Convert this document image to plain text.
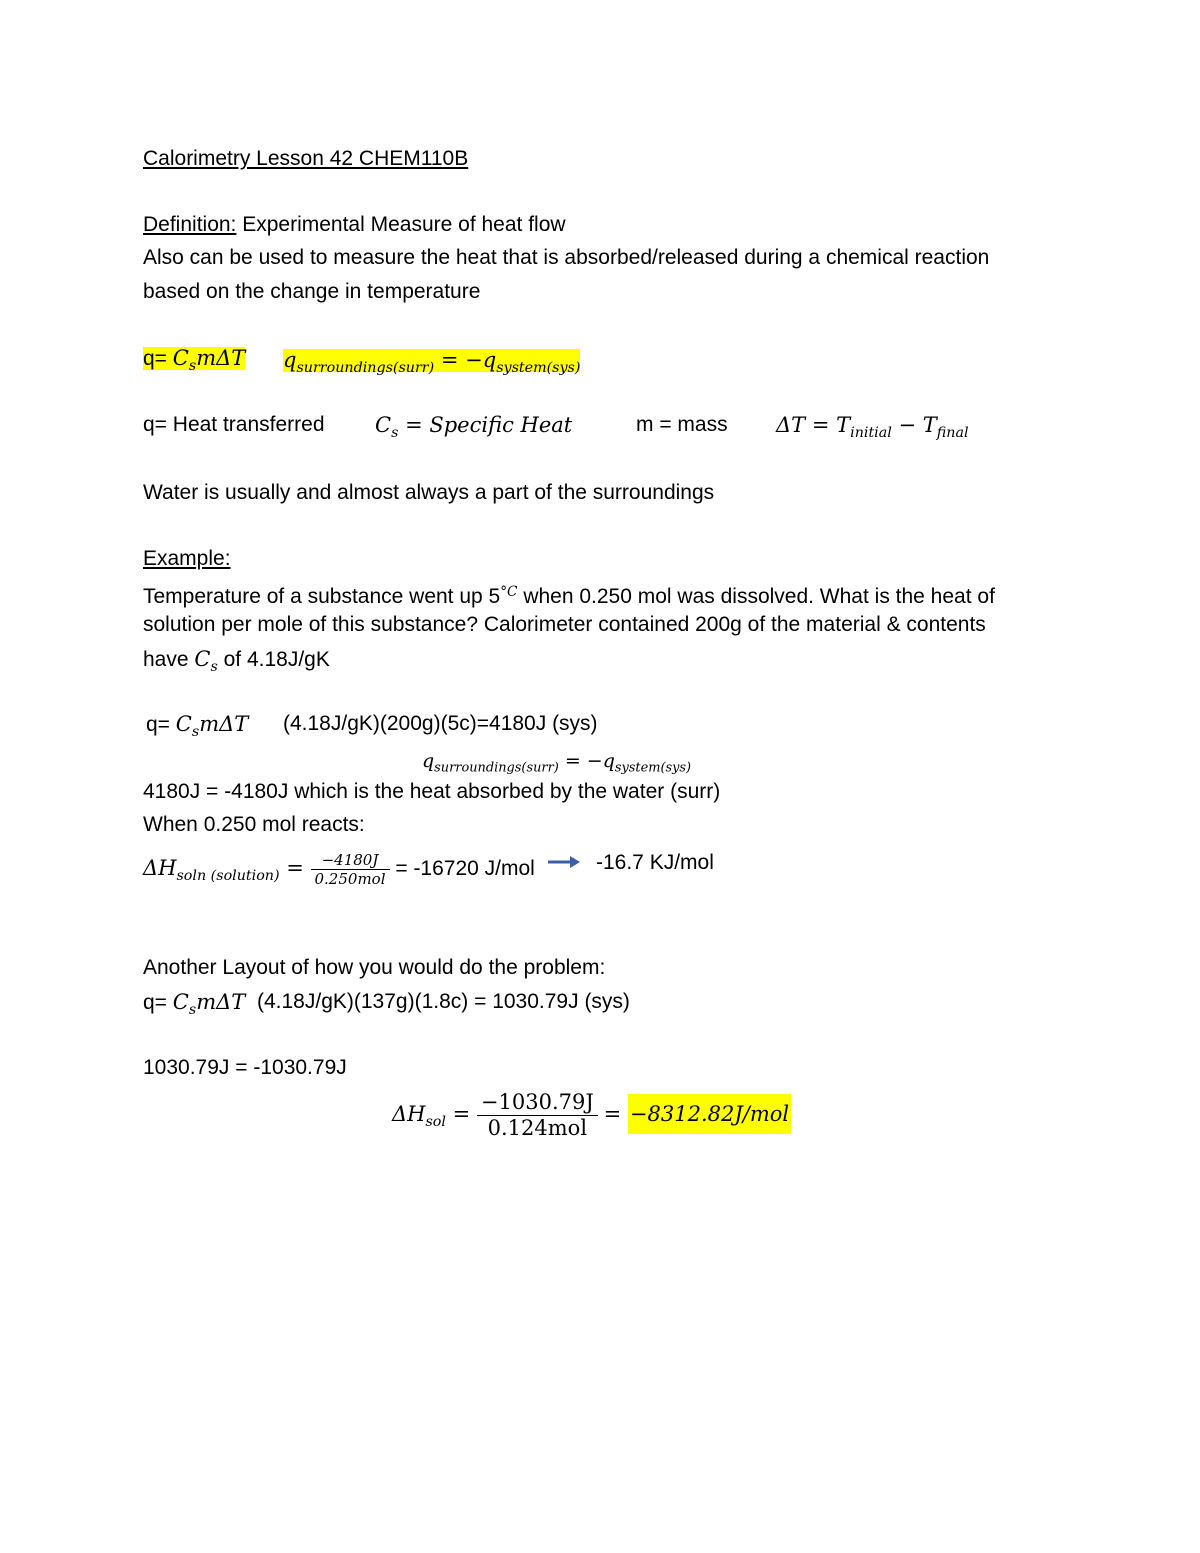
Calorimetry Lesson 42 CHEM110B
Definition: Experimental Measure of heat flow
Also can be used to measure the heat that is absorbed/released during a chemical reaction
based on the change in temperature
$q= C_sm\Delta T$ $q_{surroundings(surr)} = -q_{system(sys)}$
q= Heat transferred $C_s$ = Specific Heat	m = mass $\Delta T = T_{initial} - T_{final}$
Water is usually and almost always a part of the surroundings
Example:
Temperature of a substance went up $5^{^\circ C}$ when 0.250 mol was dissolved. What is the heat of
solution per mole of this substance? Calorimeter contained 200g of the material & contents
have $C_s$ of 4.18J/gK
$q= C_sm\Delta T$ (4.18J/gK)(200g)(5c)=4180J (sys)
$q_{surroundings(surr)} = -q_{system(sys)}$
4180J = -4180J which is the heat absorbed by the water (surr)
When 0.250 mol reacts:
$\Delta H_{soln (solution)} = \frac{-4180J}{\text{0.250mol}} = -16720$ J/mol	-16.7 KJ/mol
Another Layout of how you would do the problem:
$q= C_sm\Delta T$ (4.18J/gK)(137g)(1.8c) = 1030.79J (sys)
1030.79J = -1030.79J
$\Delta H_{sol} = \frac{-1030.79J}{\text{0.124mol}} = -8312.82J/mol$
